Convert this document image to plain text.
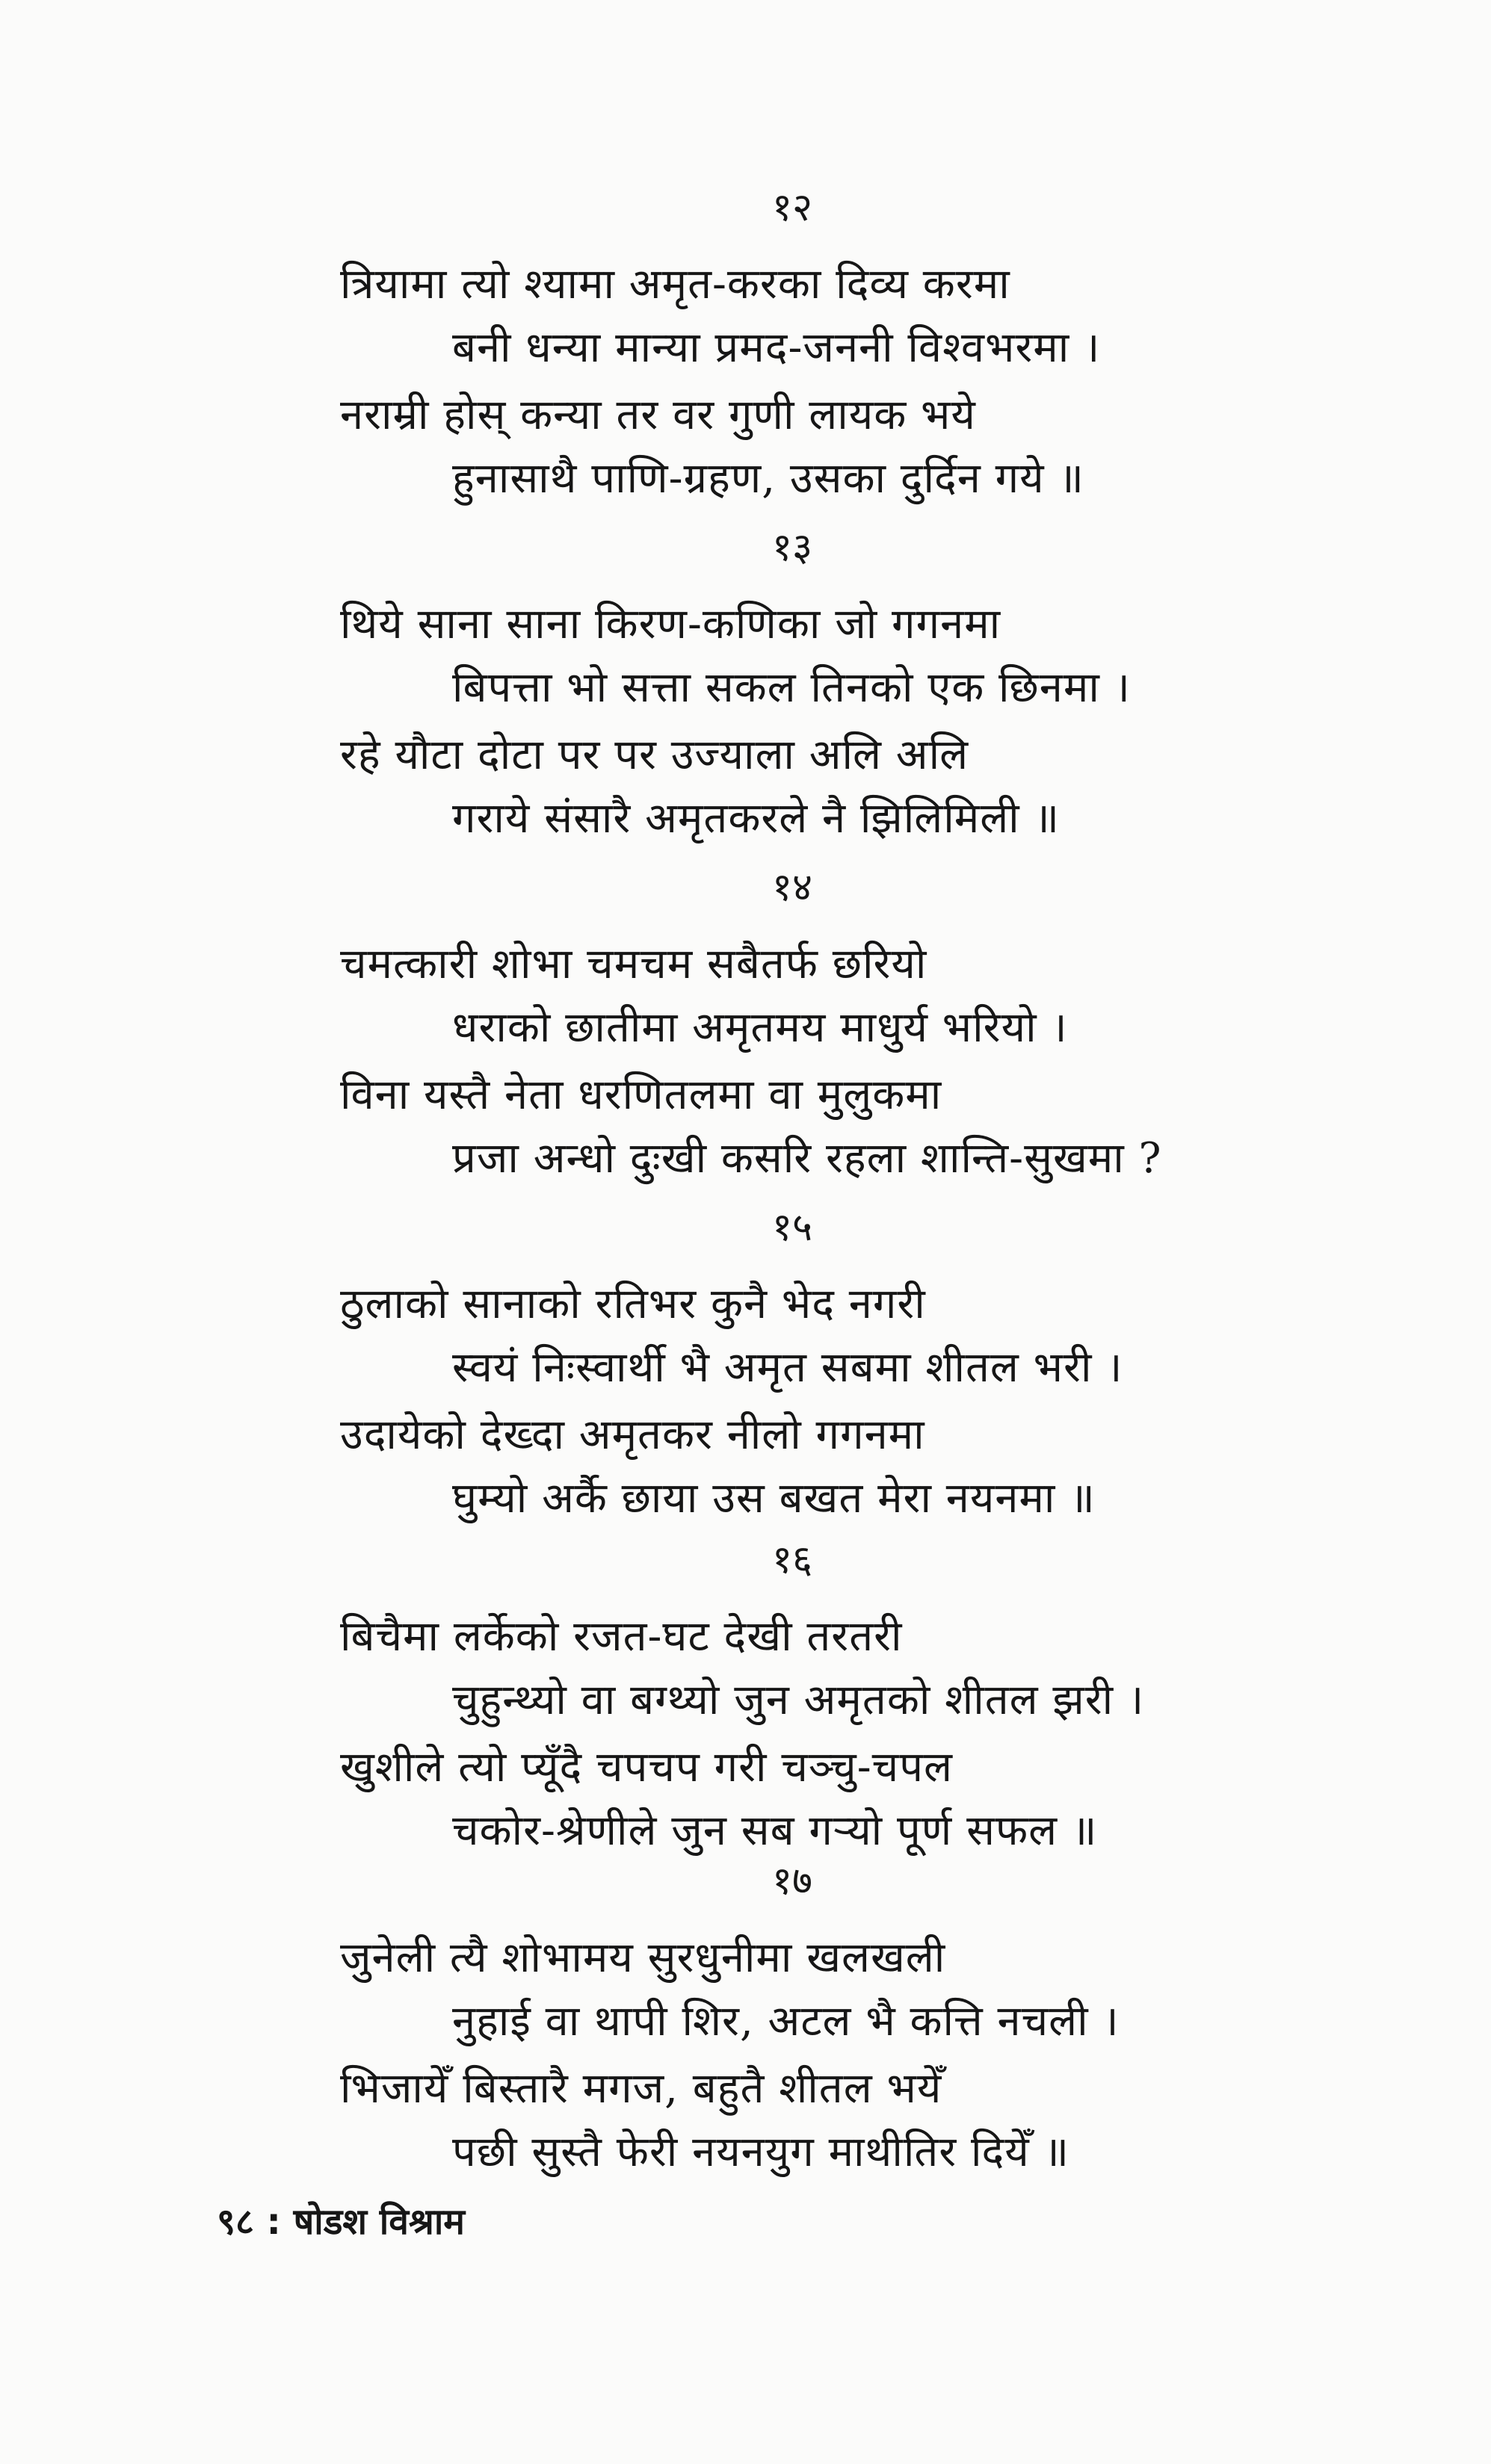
१२
त्रियामा त्यो श्यामा अमृत-करका दिव्य करमा
बनी धन्या मान्या प्रमद-जननी विश्वभरमा ।
नराम्री होस् कन्या तर वर गुणी लायक भये
हुनासाथै पाणि-ग्रहण, उसका दुर्दिन गये ॥
१३
थिये साना साना किरण-कणिका जो गगनमा
बिपत्ता भो सत्ता सकल तिनको एक छिनमा ।
रहे यौटा दोटा पर पर उज्याला अलि अलि
गराये संसारै अमृतकरले नै झिलिमिली ॥
१४
चमत्कारी शोभा चमचम सबैतर्फ छरियो
धराको छातीमा अमृतमय माधुर्य भरियो ।
विना यस्तै नेता धरणितलमा वा मुलुकमा
प्रजा अन्धो दुःखी कसरि रहला शान्ति-सुखमा ?
१५
ठुलाको सानाको रतिभर कुनै भेद नगरी
स्वयं निःस्वार्थी भै अमृत सबमा शीतल भरी ।
उदायेको देख्दा अमृतकर नीलो गगनमा
घुम्यो अर्कै छाया उस बखत मेरा नयनमा ॥
१६
बिचैमा लर्केको रजत-घट देखी तरतरी
चुहुन्थ्यो वा बग्थ्यो जुन अमृतको शीतल झरी ।
खुशीले त्यो प्यूँदै चपचप गरी चञ्चु-चपल
चकोर-श्रेणीले जुन सब गर्‍यो पूर्ण सफल ॥
१७
जुनेली त्यै शोभामय सुरधुनीमा खलखली
नुहाई वा थापी शिर, अटल भै कत्ति नचली ।
भिजायेँ बिस्तारै मगज, बहुतै शीतल भयेँ
पछी सुस्तै फेरी नयनयुग माथीतिर दियेँ ॥
९८ : षोडश विश्राम
